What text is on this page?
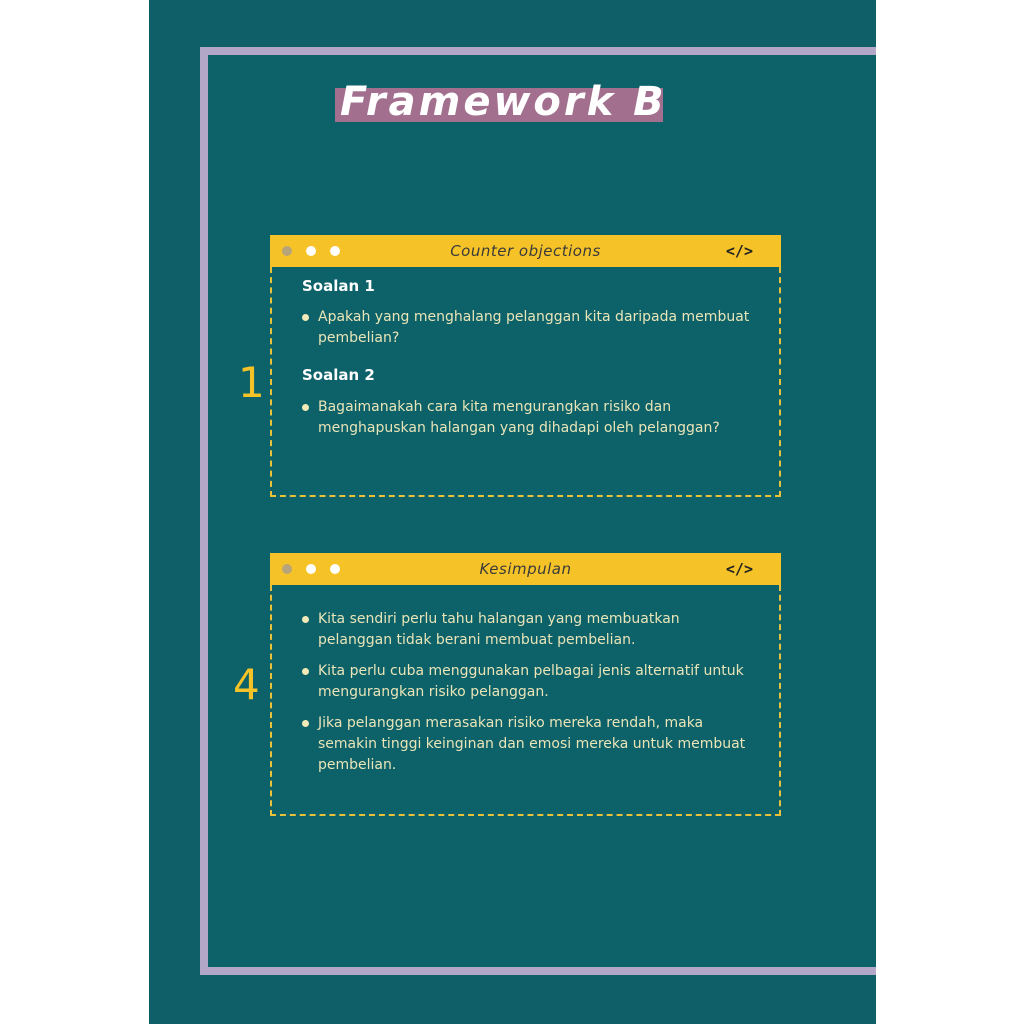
Framework B
1
Counter objections	</>
Soalan 1
Apakah yang menghalang pelanggan kita daripada membuat pembelian?
Soalan 2
Bagaimanakah cara kita mengurangkan risiko dan menghapuskan halangan yang dihadapi oleh pelanggan?
4
Kesimpulan	</>
Kita sendiri perlu tahu halangan yang membuatkan pelanggan tidak berani membuat pembelian.
Kita perlu cuba menggunakan pelbagai jenis alternatif untuk mengurangkan risiko pelanggan.
Jika pelanggan merasakan risiko mereka rendah, maka semakin tinggi keinginan dan emosi mereka untuk membuat pembelian.
